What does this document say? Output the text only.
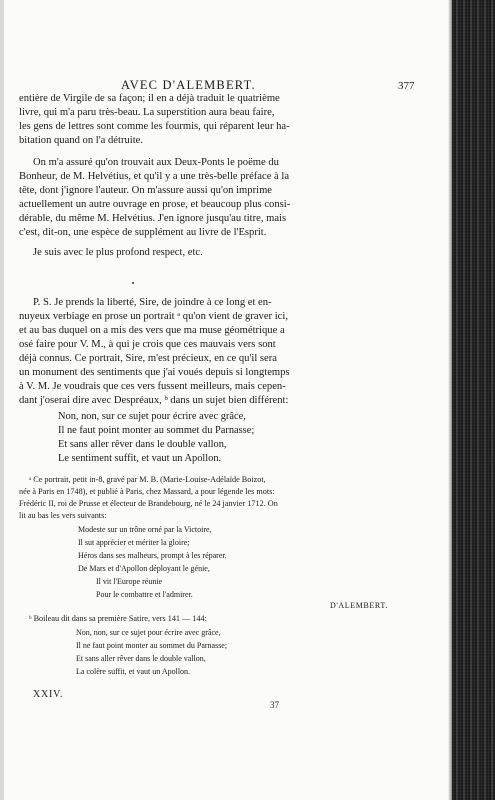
AVEC D'ALEMBERT.	377
entière de Virgile de sa façon; il en a déjà traduit le quatrième
livre, qui m'a paru très-beau. La superstition aura beau faire,
les gens de lettres sont comme les fourmis, qui réparent leur ha-
bitation quand on l'a détruite.
On m'a assuré qu'on trouvait aux Deux-Ponts le poëme du
Bonheur, de M. Helvétius, et qu'il y a une très-belle préface à la
tête, dont j'ignore l'auteur. On m'assure aussi qu'on imprime
actuellement un autre ouvrage en prose, et beaucoup plus consi-
dérable, du même M. Helvétius. J'en ignore jusqu'au titre, mais
c'est, dit-on, une espèce de supplément au livre de l'Esprit.
Je suis avec le plus profond respect, etc.
P. S. Je prends la liberté, Sire, de joindre à ce long et en-
nuyeux verbiage en prose un portrait ᵃ qu'on vient de graver ici,
et au bas duquel on a mis des vers que ma muse géométrique a
osé faire pour V. M., à qui je crois que ces mauvais vers sont
déjà connus. Ce portrait, Sire, m'est précieux, en ce qu'il sera
un monument des sentiments que j'ai voués depuis si longtemps
à V. M. Je voudrais que ces vers fussent meilleurs, mais cepen-
dant j'oserai dire avec Despréaux, ᵇ dans un sujet bien différent:
Non, non, sur ce sujet pour écrire avec grâce,
Il ne faut point monter au sommet du Parnasse;
Et sans aller rêver dans le double vallon,
Le sentiment suffit, et vaut un Apollon.
ᵃ Ce portrait, petit in-8, gravé par M. B. (Marie-Louise-Adélaïde Boizot,
née à Paris en 1748), et publié à Paris, chez Massard, a pour légende les mots:
Frédéric II, roi de Prusse et électeur de Brandebourg, né le 24 janvier 1712. On
lit au bas les vers suivants:
Modeste sur un trône orné par la Victoire,
Il sut apprécier et mériter la gloire;
Héros dans ses malheurs, prompt à les réparer.
De Mars et d'Apollon déployant le génie,
Il vit l'Europe réunie
Pour le combattre et l'admirer.
D'ALEMBERT.
ᵇ Boileau dit dans sa première Satire, vers 141 — 144:
Non, non, sur ce sujet pour écrire avec grâce,
Il ne faut point monter au sommet du Parnasse;
Et sans aller rêver dans le double vallon,
La colère suffit, et vaut un Apollon.
XXIV.
37
